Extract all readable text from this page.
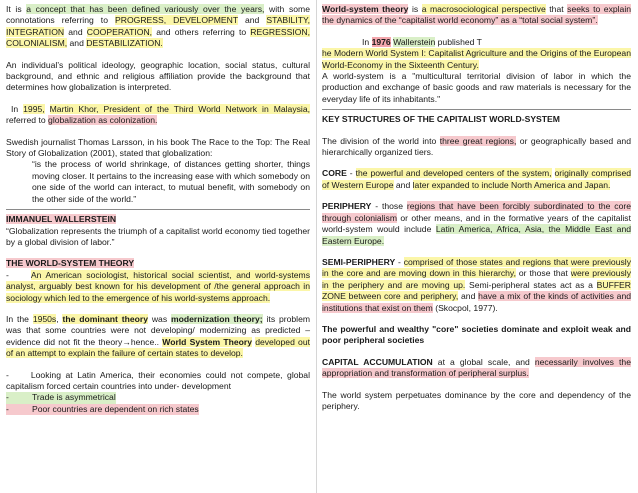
It is a concept that has been defined variously over the years, with some connotations referring to PROGRESS, DEVELOPMENT and STABILITY, INTEGRATION and COOPERATION, and others referring to REGRESSION, COLONIALISM, and DESTABILIZATION.

An individual’s political ideology, geographic location, social status, cultural background, and ethnic and religious affiliation provide the background that determines how globalization is interpreted.

In 1995, Martin Khor, President of the Third World Network in Malaysia, referred to globalization as colonization.

Swedish journalist Thomas Larsson, in his book The Race to the Top: The Real Story of Globalization (2001), stated that globalization:

“is the process of world shrinkage, of distances getting shorter, things moving closer. It pertains to the increasing ease with which somebody on one side of the world can interact, to mutual benefit, with somebody on the other side of the world.”

IMMANUEL WALLERSTEIN

“Globalization represents the triumph of a capitalist world economy tied together by a global division of labor.”

THE WORLD-SYSTEM THEORY

-	An American sociologist, historical social scientist, and world-systems analyst, arguably best known for his development of /the general approach in sociology which led to the emergence of his world-systems approach.

In the 1950s, the dominant theory was modernization theory; its problem was that some countries were not developing/ modernizing as predicted –evidence did not fit the theory→hence.. World System Theory developed out of an attempt to explain the failure of certain states to develop.

-	Looking at Latin America, their economies could not compete, global capitalism forced certain countries into under- development

-	Trade is asymmetrical
-	Poor countries are dependent on rich states

World-system theory is a macrosociological perspective that seeks to explain the dynamics of the “capitalist world economy” as a “total social system”.

In 1976 Wallerstein published T

he Modern World System I: Capitalist Agriculture and the Origins of the European World-Economy in the Sixteenth Century.

A world-system is a "multicultural territorial division of labor in which the production and exchange of basic goods and raw materials is necessary for the everyday life of its inhabitants."

KEY STRUCTURES OF THE CAPITALIST WORLD-SYSTEM

The division of the world into three great regions, or geographically based and hierarchically organized tiers.

CORE - the powerful and developed centers of the system, originally comprised of Western Europe and later expanded to include North America and Japan.

PERIPHERY - those regions that have been forcibly subordinated to the core through colonialism or other means, and in the formative years of the capitalist world-system would include Latin America, Africa, Asia, the Middle East and Eastern Europe.

SEMI-PERIPHERY - comprised of those states and regions that were previously in the core and are moving down in this hierarchy, or those that were previously in the periphery and are moving up. Semi-peripheral states act as a BUFFER ZONE between core and periphery, and have a mix of the kinds of activities and institutions that exist on them (Skocpol, 1977).

The powerful and wealthy "core" societies dominate and exploit weak and poor peripheral societies

CAPITAL ACCUMULATION at a global scale, and necessarily involves the appropriation and transformation of peripheral surplus.

The world system perpetuates dominance by the core and dependency of the periphery.
